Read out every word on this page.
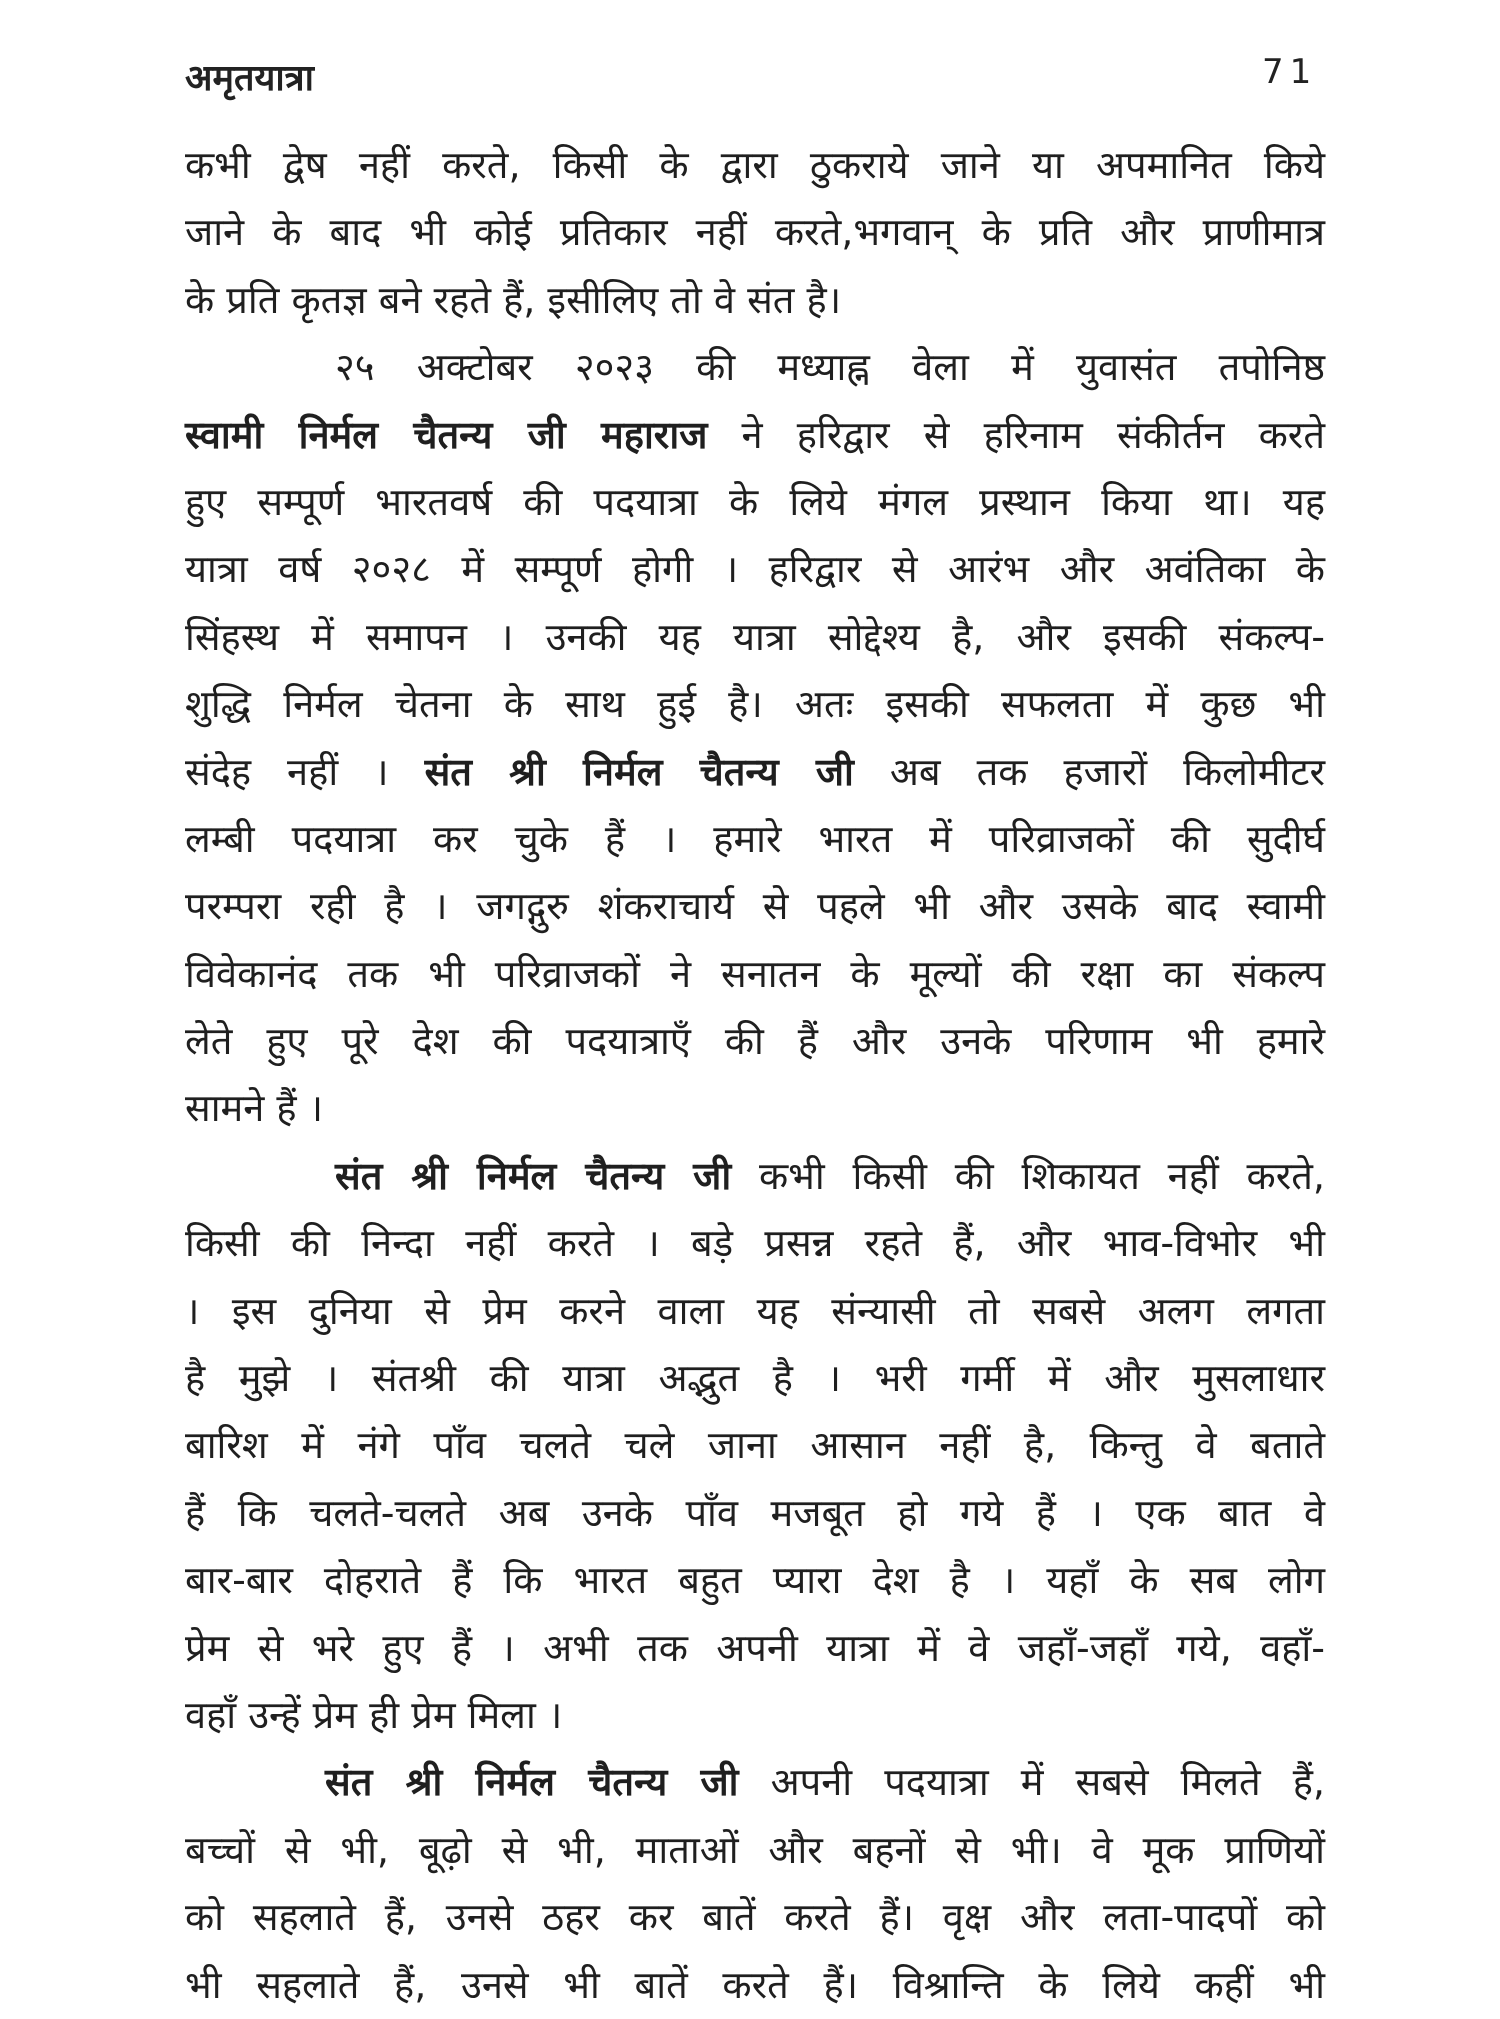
अमृतयात्रा	71
कभी द्वेष नहीं करते, किसी के द्वारा ठुकराये जाने या अपमानित किये
जाने के बाद भी कोई प्रतिकार नहीं करते,भगवान् के प्रति और प्राणीमात्र
के प्रति कृतज्ञ बने रहते हैं, इसीलिए तो वे संत है।
२५ अक्टोबर २०२३ की मध्याह्न वेला में युवासंत तपोनिष्ठ
स्वामी निर्मल चैतन्य जी महाराज ने हरिद्वार से हरिनाम संकीर्तन करते
हुए सम्पूर्ण भारतवर्ष की पदयात्रा के लिये मंगल प्रस्थान किया था। यह
यात्रा वर्ष २०२८ में सम्पूर्ण होगी । हरिद्वार से आरंभ और अवंतिका के
सिंहस्थ में समापन । उनकी यह यात्रा सोद्देश्य है, और इसकी संकल्प-
शुद्धि निर्मल चेतना के साथ हुई है। अतः इसकी सफलता में कुछ भी
संदेह नहीं । संत श्री निर्मल चैतन्य जी अब तक हजारों किलोमीटर
लम्बी पदयात्रा कर चुके हैं । हमारे भारत में परिव्राजकों की सुदीर्घ
परम्परा रही है । जगद्गुरु शंकराचार्य से पहले भी और उसके बाद स्वामी
विवेकानंद तक भी परिव्राजकों ने सनातन के मूल्यों की रक्षा का संकल्प
लेते हुए पूरे देश की पदयात्राएँ की हैं और उनके परिणाम भी हमारे
सामने हैं ।
संत श्री निर्मल चैतन्य जी कभी किसी की शिकायत नहीं करते,
किसी की निन्दा नहीं करते । बड़े प्रसन्न रहते हैं, और भाव-विभोर भी
। इस दुनिया से प्रेम करने वाला यह संन्यासी तो सबसे अलग लगता
है मुझे । संतश्री की यात्रा अद्भुत है । भरी गर्मी में और मुसलाधार
बारिश में नंगे पाँव चलते चले जाना आसान नहीं है, किन्तु वे बताते
हैं कि चलते-चलते अब उनके पाँव मजबूत हो गये हैं । एक बात वे
बार-बार दोहराते हैं कि भारत बहुत प्यारा देश है । यहाँ के सब लोग
प्रेम से भरे हुए हैं । अभी तक अपनी यात्रा में वे जहाँ-जहाँ गये, वहाँ-
वहाँ उन्हें प्रेम ही प्रेम मिला ।
संत श्री निर्मल चैतन्य जी अपनी पदयात्रा में सबसे मिलते हैं,
बच्चों से भी, बूढ़ो से भी, माताओं और बहनों से भी। वे मूक प्राणियों
को सहलाते हैं, उनसे ठहर कर बातें करते हैं। वृक्ष और लता-पादपों को
भी सहलाते हैं, उनसे भी बातें करते हैं। विश्रान्ति के लिये कहीं भी
